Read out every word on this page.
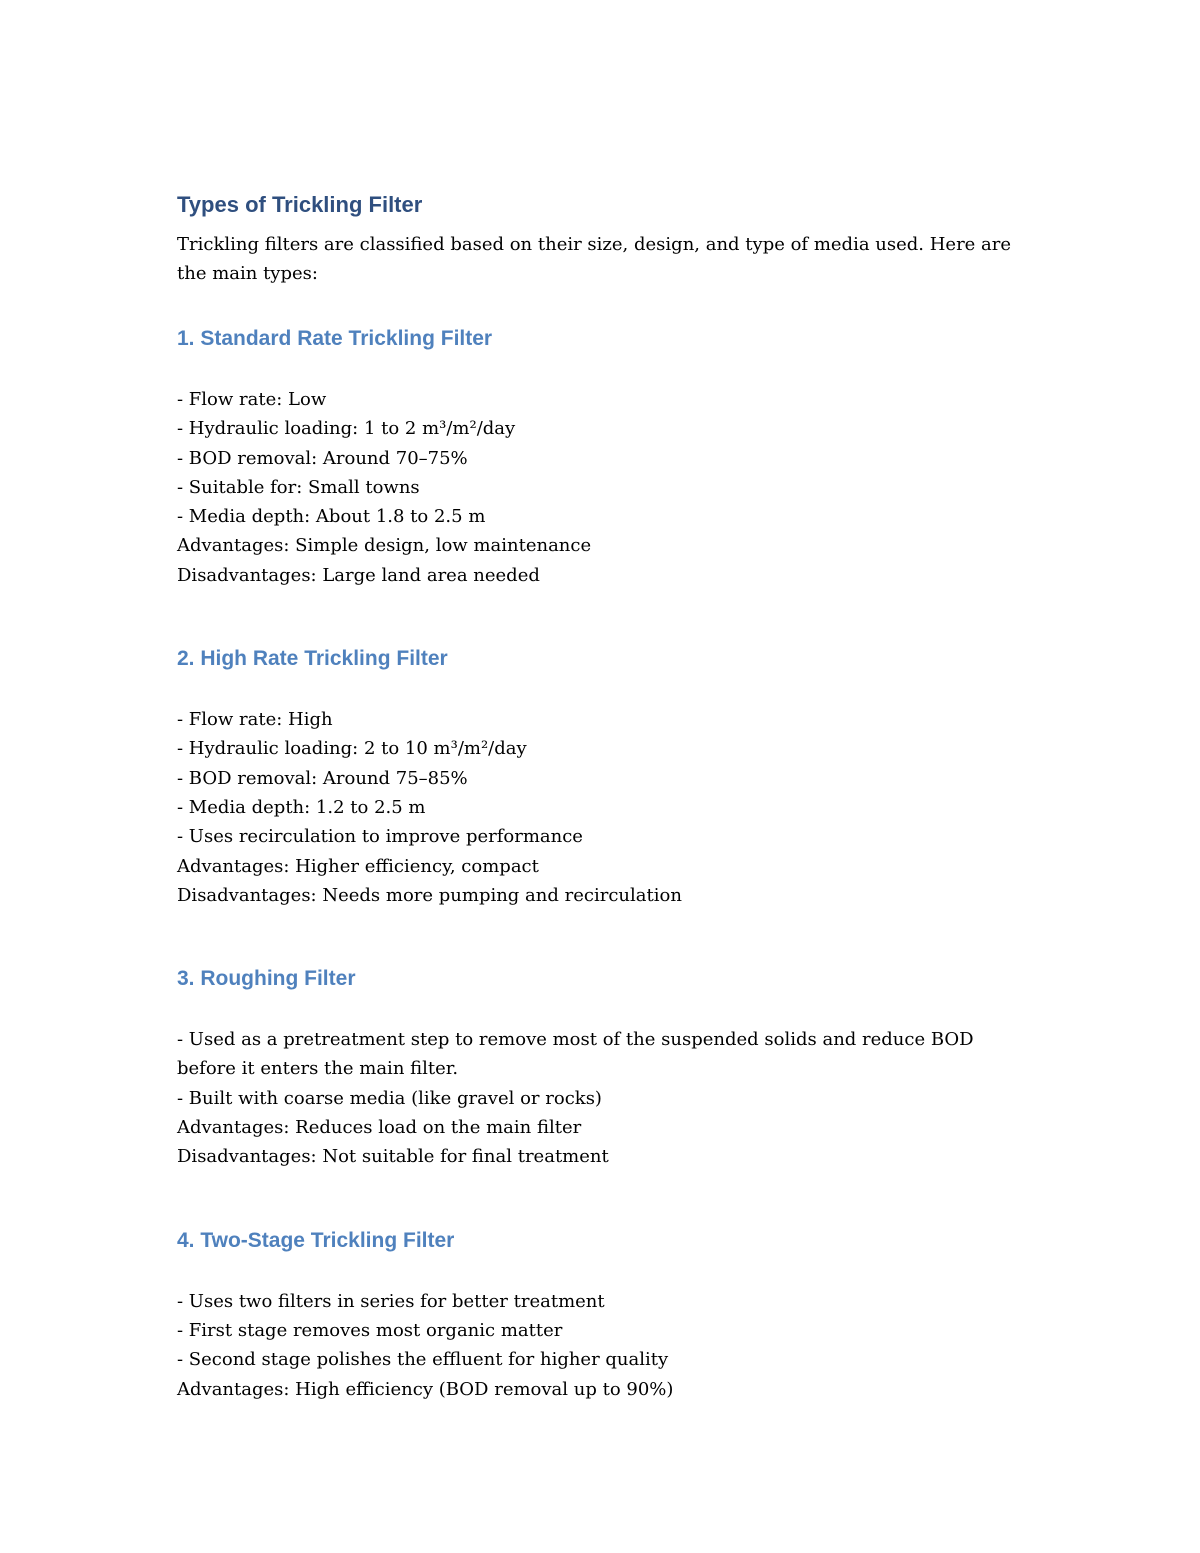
Types of Trickling Filter

Trickling filters are classified based on their size, design, and type of media used. Here are the main types:

1. Standard Rate Trickling Filter
- Flow rate: Low
- Hydraulic loading: 1 to 2 m³/m²/day
- BOD removal: Around 70–75%
- Suitable for: Small towns
- Media depth: About 1.8 to 2.5 m
Advantages: Simple design, low maintenance
Disadvantages: Large land area needed
2. High Rate Trickling Filter
- Flow rate: High
- Hydraulic loading: 2 to 10 m³/m²/day
- BOD removal: Around 75–85%
- Media depth: 1.2 to 2.5 m
- Uses recirculation to improve performance
Advantages: Higher efficiency, compact
Disadvantages: Needs more pumping and recirculation
3. Roughing Filter
- Used as a pretreatment step to remove most of the suspended solids and reduce BOD before it enters the main filter.
- Built with coarse media (like gravel or rocks)
Advantages: Reduces load on the main filter
Disadvantages: Not suitable for final treatment
4. Two-Stage Trickling Filter
- Uses two filters in series for better treatment
- First stage removes most organic matter
- Second stage polishes the effluent for higher quality
Advantages: High efficiency (BOD removal up to 90%)
